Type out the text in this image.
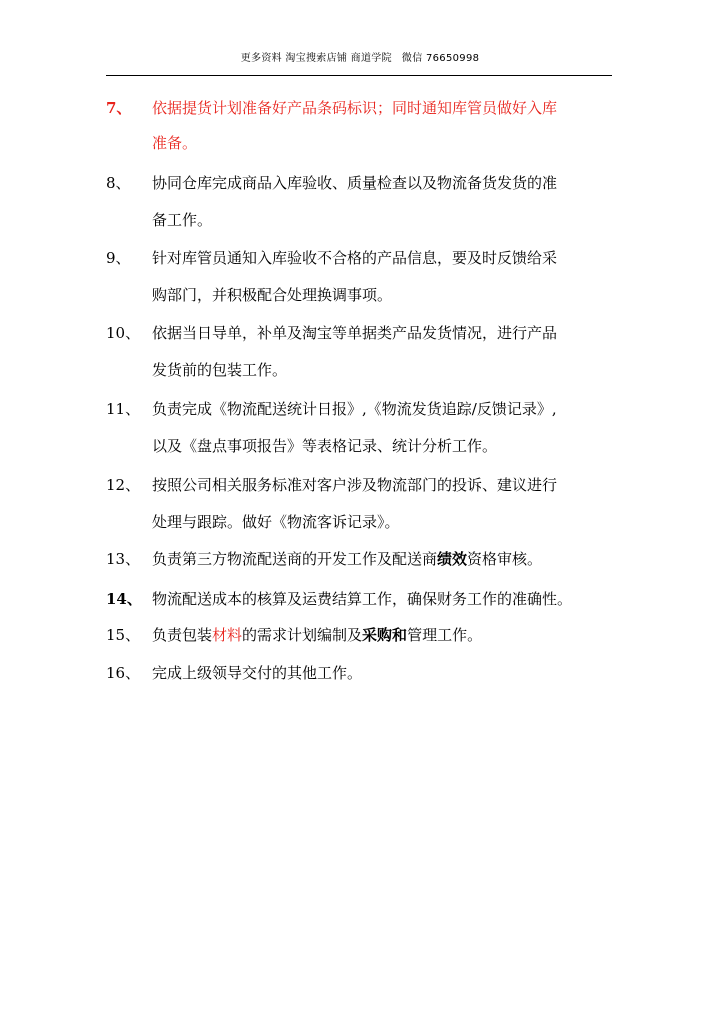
更多资料 淘宝搜索店铺 商道学院 微信 76650998
7、 依据提货计划准备好产品条码标识；同时通知库管员做好入库
准备。
8、 协同仓库完成商品入库验收、质量检查以及物流备货发货的准
备工作。
9、 针对库管员通知入库验收不合格的产品信息，要及时反馈给采
购部门，并积极配合处理换调事项。
10、 依据当日导单，补单及淘宝等单据类产品发货情况，进行产品
发货前的包装工作。
11、 负责完成《物流配送统计日报》,《物流发货追踪/反馈记录》,
以及《盘点事项报告》等表格记录、统计分析工作。
12、 按照公司相关服务标准对客户涉及物流部门的投诉、建议进行
处理与跟踪。做好《物流客诉记录》。
13、 负责第三方物流配送商的开发工作及配送商绩效资格审核。
14、 物流配送成本的核算及运费结算工作，确保财务工作的准确性。
15、 负责包装材料的需求计划编制及采购和管理工作。
16、 完成上级领导交付的其他工作。
